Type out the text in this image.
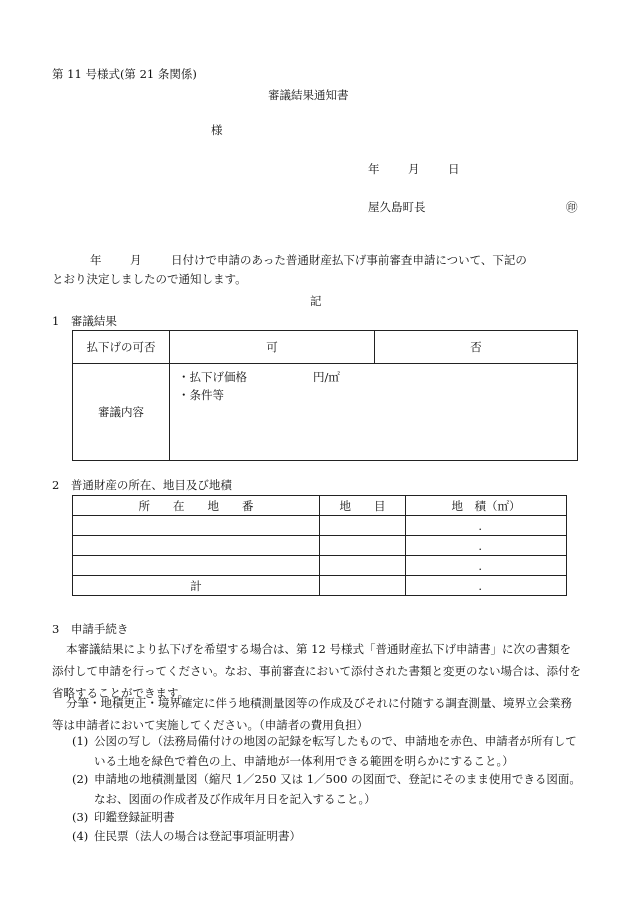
第 11 号様式(第 21 条関係)
審議結果通知書
様
年 月 日
屋久島町長	㊞
年 月	日付けで申請のあった普通財産払下げ事前審査申請について、下記の
とおり決定しましたので通知します。
記
1　審議結果
払下げの可否	可	否
審議内容	・払下げ価格 円/㎡
・条件等	
2　普通財産の所在、地目及び地積
所　　在　　地　　番	地　　目	地　積（㎡）
		.
		.
		.
計		.
3　申請手続き
本審議結果により払下げを希望する場合は、第 12 号様式「普通財産払下げ申請書」に次の書類を添付して申請を行ってください。なお、事前審査において添付された書類と変更のない場合は、添付を省略することができます。
分筆・地積更正・境界確定に伴う地積測量図等の作成及びそれに付随する調査測量、境界立会業務等は申請者において実施してください。（申請者の費用負担）
(1) 公図の写し（法務局備付けの地図の記録を転写したもので、申請地を赤色、申請者が所有している土地を緑色で着色の上、申請地が一体利用できる範囲を明らかにすること。）
(2) 申請地の地積測量図（縮尺 1／250 又は 1／500 の図面で、登記にそのまま使用できる図面。なお、図面の作成者及び作成年月日を記入すること。）
(3) 印鑑登録証明書
(4) 住民票（法人の場合は登記事項証明書）
